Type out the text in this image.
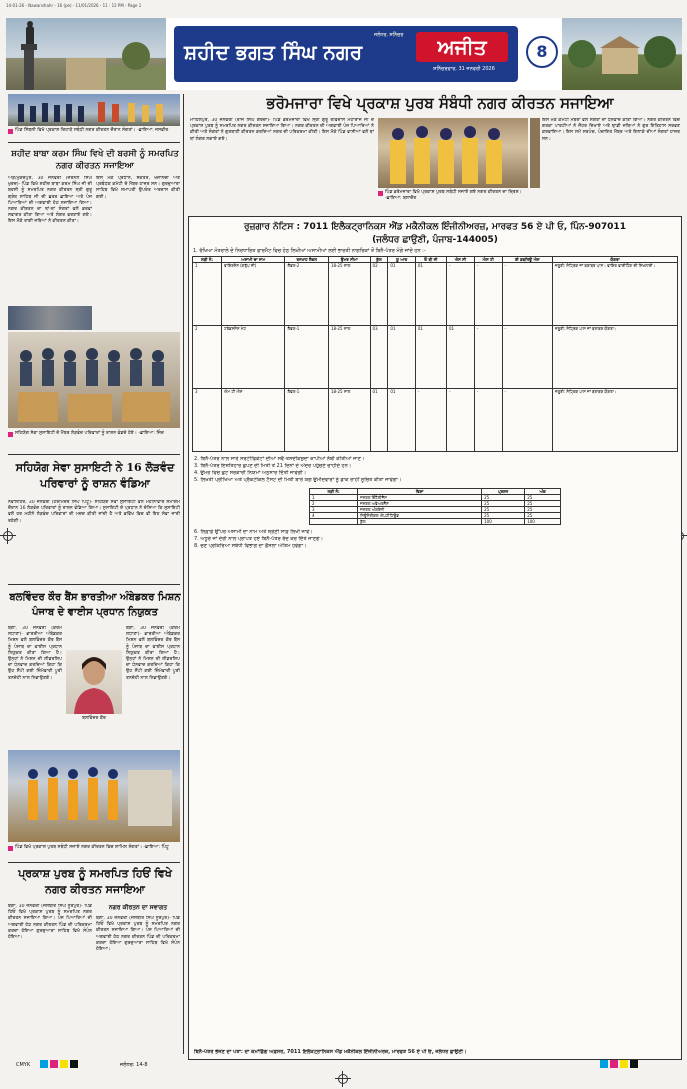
14-01-26 - Nawanshahr - 16 (pe) - 11/01/2026 - 11 : 12 PM - Page 1
ਸ਼ਹੀਦ ਭਗਤ ਸਿੰਘ ਨਗਰ	ਅਜੀਤ
ਜਲੰਧਰ, ਸ਼ਨਿੱਚਰ
ਸ਼ਨਿੱਚਰਵਾਰ, 31 ਜਨਵਰੀ 2026
8
ਪਿੰਡ ਸਿੰਬਲੀ ਵਿਖੇ ਪ੍ਰਕਾਸ਼ ਦਿਹਾੜੇ ਸਬੰਧੀ ਨਗਰ ਕੀਰਤਨ ਦੌਰਾਨ ਸੰਗਤਾਂ। -ਛਾਇਆ: ਜਸਵੀਰ
ਸ਼ਹੀਦ ਬਾਬਾ ਕਰਮ ਸਿੰਘ ਵਿਖੇ ਦੀ ਬਰਸੀ ਨੂੰ ਸਮਰਪਿਤ ਨਗਰ ਕੀਰਤਨ ਸਜਾਇਆ
ਔੜ/ਮੁਕੰਦਪੁਰ, 30 ਜਨਵਰੀ (ਜਰਨੈਲ ਸਿੰਘ ਖੁਰਦ)- ਪਿੰਡ ਵਿਖੇ ਸ਼ਹੀਦ ਬਾਬਾ ਕਰਮ ਸਿੰਘ ਜੀ ਦੀ ਬਰਸੀ ਨੂੰ ਸਮਰਪਿਤ ਨਗਰ ਕੀਰਤਨ ਸ੍ਰੀ ਗੁਰੂ ਗ੍ਰੰਥ ਸਾਹਿਬ ਜੀ ਦੀ ਛਤਰ ਛਾਇਆ ਅਤੇ ਪੰਜ ਪਿਆਰਿਆਂ ਦੀ ਅਗਵਾਈ ਹੇਠ ਸਜਾਇਆ ਗਿਆ। ਨਗਰ ਕੀਰਤਨ ਦਾ ਥਾਂ-ਥਾਂ ਸੰਗਤਾਂ ਵਲੋਂ ਭਰਵਾਂ ਸਵਾਗਤ ਕੀਤਾ ਗਿਆ ਅਤੇ ਲੰਗਰ ਵਰਤਾਏ ਗਏ। ਇਸ ਮੌਕੇ ਰਾਗੀ ਜਥਿਆਂ ਨੇ ਕੀਰਤਨ ਕੀਤਾ।
ਇਸ ਮੌਕੇ ਪ੍ਰਧਾਨ, ਸਕੱਤਰ, ਖਜ਼ਾਨਚੀ ਅਤੇ ਪ੍ਰਬੰਧਕ ਕਮੇਟੀ ਦੇ ਮੈਂਬਰ ਹਾਜ਼ਰ ਸਨ। ਗੁਰਦੁਆਰਾ ਸਾਹਿਬ ਵਿਖੇ ਸਮਾਪਤੀ ਉਪਰੰਤ ਅਰਦਾਸ ਕੀਤੀ ਗਈ।
ਸਹਿਯੋਗ ਸੇਵਾ ਸੁਸਾਇਟੀ ਦੇ ਮੈਂਬਰ ਲੋੜਵੰਦ ਪਰਿਵਾਰਾਂ ਨੂੰ ਰਾਸ਼ਨ ਵੰਡਦੇ ਹੋਏ। -ਛਾਇਆ: ਜਿੰਦ
ਸਹਿਯੋਗ ਸੇਵਾ ਸੁਸਾਇਟੀ ਨੇ 16 ਲੋੜਵੰਦ ਪਰਿਵਾਰਾਂ ਨੂੰ ਰਾਸ਼ਨ ਵੰਡਿਆ
ਨਵਾਂਸ਼ਹਿਰ, 30 ਜਨਵਰੀ (ਹਰਮਿੰਦਰ ਸਿੰਘ ਪਿੰਟੂ)- ਸਹਿਯੋਗ ਸੇਵਾ ਸੁਸਾਇਟੀ ਵਲੋਂ ਮਹੀਨਾਵਾਰ ਸਮਾਗਮ ਦੌਰਾਨ 16 ਲੋੜਵੰਦ ਪਰਿਵਾਰਾਂ ਨੂੰ ਰਾਸ਼ਨ ਵੰਡਿਆ ਗਿਆ। ਸੁਸਾਇਟੀ ਦੇ ਪ੍ਰਧਾਨ ਨੇ ਦੱਸਿਆ ਕਿ ਸੁਸਾਇਟੀ ਵਲੋਂ ਹਰ ਮਹੀਨੇ ਲੋੜਵੰਦ ਪਰਿਵਾਰਾਂ ਦੀ ਮਦਦ ਕੀਤੀ ਜਾਂਦੀ ਹੈ ਅਤੇ ਭਵਿੱਖ ਵਿਚ ਵੀ ਇਹ ਸੇਵਾ ਜਾਰੀ ਰਹੇਗੀ।
ਬਲਵਿੰਦਰ ਕੌਰ ਬੈਂਸ ਭਾਰਤੀਆ ਅੰਬੇਡਕਰ ਮਿਸ਼ਨ ਪੰਜਾਬ ਦੇ ਵਾਈਸ ਪ੍ਰਧਾਨ ਨਿਯੁਕਤ
ਬੰਗਾ, 30 ਜਨਵਰੀ (ਕਰਮ ਲਧਾਣਾ)- ਭਾਰਤੀਆ ਅੰਬੇਡਕਰ ਮਿਸ਼ਨ ਵਲੋਂ ਬਲਵਿੰਦਰ ਕੌਰ ਬੈਂਸ ਨੂੰ ਪੰਜਾਬ ਦਾ ਵਾਈਸ ਪ੍ਰਧਾਨ ਨਿਯੁਕਤ ਕੀਤਾ ਗਿਆ ਹੈ। ਉਨ੍ਹਾਂ ਨੇ ਮਿਸ਼ਨ ਦੀ ਲੀਡਰਸ਼ਿਪ ਦਾ ਧੰਨਵਾਦ ਕਰਦਿਆਂ ਕਿਹਾ ਕਿ ਉਹ ਸੌਂਪੀ ਗਈ ਜ਼ਿੰਮੇਵਾਰੀ ਪੂਰੀ ਤਨਦੇਹੀ ਨਾਲ ਨਿਭਾਉਣਗੇ।
ਬਲਵਿੰਦਰ ਕੌਰ
ਬੰਗਾ, 30 ਜਨਵਰੀ (ਕਰਮ ਲਧਾਣਾ)- ਭਾਰਤੀਆ ਅੰਬੇਡਕਰ ਮਿਸ਼ਨ ਵਲੋਂ ਬਲਵਿੰਦਰ ਕੌਰ ਬੈਂਸ ਨੂੰ ਪੰਜਾਬ ਦਾ ਵਾਈਸ ਪ੍ਰਧਾਨ ਨਿਯੁਕਤ ਕੀਤਾ ਗਿਆ ਹੈ। ਉਨ੍ਹਾਂ ਨੇ ਮਿਸ਼ਨ ਦੀ ਲੀਡਰਸ਼ਿਪ ਦਾ ਧੰਨਵਾਦ ਕਰਦਿਆਂ ਕਿਹਾ ਕਿ ਉਹ ਸੌਂਪੀ ਗਈ ਜ਼ਿੰਮੇਵਾਰੀ ਪੂਰੀ ਤਨਦੇਹੀ ਨਾਲ ਨਿਭਾਉਣਗੇ।
ਪਿੰਡ ਵਿਖੇ ਪ੍ਰਕਾਸ਼ ਪੁਰਬ ਸਬੰਧੀ ਸਜਾਏ ਨਗਰ ਕੀਰਤਨ ਵਿਚ ਸ਼ਾਮਿਲ ਸੰਗਤਾਂ। -ਛਾਇਆ: ਪਿੰਟੂ
ਪ੍ਰਕਾਸ਼ ਪੁਰਬ ਨੂੰ ਸਮਰਪਿਤ ਹਿਓਂ ਵਿਖੇ ਨਗਰ ਕੀਰਤਨ ਸਜਾਇਆ
ਬੰਗਾ, 30 ਜਨਵਰੀ (ਜਸਬੀਰ ਸਿੰਘ ਨੂਰਪੁਰ)- ਪਿੰਡ ਹਿਓਂ ਵਿਖੇ ਪ੍ਰਕਾਸ਼ ਪੁਰਬ ਨੂੰ ਸਮਰਪਿਤ ਨਗਰ ਕੀਰਤਨ ਸਜਾਇਆ ਗਿਆ। ਪੰਜ ਪਿਆਰਿਆਂ ਦੀ ਅਗਵਾਈ ਹੇਠ ਨਗਰ ਕੀਰਤਨ ਪਿੰਡ ਦੀ ਪਰਿਕਰਮਾ ਕਰਦਾ ਹੋਇਆ ਗੁਰਦੁਆਰਾ ਸਾਹਿਬ ਵਿਖੇ ਸੰਪੰਨ ਹੋਇਆ।
ਨਗਰ ਕੀਰਤਨ ਦਾ ਸਵਾਗਤ
ਬੰਗਾ, 30 ਜਨਵਰੀ (ਜਸਬੀਰ ਸਿੰਘ ਨੂਰਪੁਰ)- ਪਿੰਡ ਹਿਓਂ ਵਿਖੇ ਪ੍ਰਕਾਸ਼ ਪੁਰਬ ਨੂੰ ਸਮਰਪਿਤ ਨਗਰ ਕੀਰਤਨ ਸਜਾਇਆ ਗਿਆ। ਪੰਜ ਪਿਆਰਿਆਂ ਦੀ ਅਗਵਾਈ ਹੇਠ ਨਗਰ ਕੀਰਤਨ ਪਿੰਡ ਦੀ ਪਰਿਕਰਮਾ ਕਰਦਾ ਹੋਇਆ ਗੁਰਦੁਆਰਾ ਸਾਹਿਬ ਵਿਖੇ ਸੰਪੰਨ ਹੋਇਆ।
ਭਰੋਮਜਾਰਾ ਵਿਖੇ ਪ੍ਰਕਾਸ਼ ਪੁਰਬ ਸੰਬੰਧੀ ਨਗਰ ਕੀਰਤਨ ਸਜਾਇਆ
ਮਾਹਿਲਪੁਰ, 30 ਜਨਵਰੀ (ਰਾਜ ਸਿੰਘ ਗਰਚਾ)- ਪਿੰਡ ਭਰੋਮਜਾਰਾ ਵਿਖੇ ਸ੍ਰੀ ਗੁਰੂ ਰਵਿਦਾਸ ਮਹਾਰਾਜ ਜੀ ਦੇ ਪ੍ਰਕਾਸ਼ ਪੁਰਬ ਨੂੰ ਸਮਰਪਿਤ ਨਗਰ ਕੀਰਤਨ ਸਜਾਇਆ ਗਿਆ। ਨਗਰ ਕੀਰਤਨ ਦੀ ਅਗਵਾਈ ਪੰਜ ਪਿਆਰਿਆਂ ਨੇ ਕੀਤੀ ਅਤੇ ਸੰਗਤਾਂ ਨੇ ਗੁਰਬਾਣੀ ਕੀਰਤਨ ਕਰਦਿਆਂ ਨਗਰ ਦੀ ਪਰਿਕਰਮਾ ਕੀਤੀ। ਇਸ ਮੌਕੇ ਪਿੰਡ ਵਾਸੀਆਂ ਵਲੋਂ ਥਾਂ ਥਾਂ ਲੰਗਰ ਲਗਾਏ ਗਏ।
ਇਸ ਮੌਕੇ ਕਮੇਟੀ ਮੈਂਬਰਾਂ ਵਲੋਂ ਸੰਗਤਾਂ ਦਾ ਧੰਨਵਾਦ ਕੀਤਾ ਗਿਆ। ਨਗਰ ਕੀਰਤਨ ਵਿਚ ਗਤਕਾ ਪਾਰਟੀਆਂ ਨੇ ਜੌਹਰ ਦਿਖਾਏ ਅਤੇ ਢਾਡੀ ਜਥਿਆਂ ਨੇ ਗੁਰ ਇਤਿਹਾਸ ਸਰਵਣ ਕਰਵਾਇਆ। ਇਸ ਸਮੇਂ ਸਰਪੰਚ, ਪੰਚਾਇਤ ਮੈਂਬਰ ਅਤੇ ਇਲਾਕੇ ਦੀਆਂ ਸੰਗਤਾਂ ਹਾਜ਼ਰ ਸਨ।
ਪਿੰਡ ਭਰੋਮਜਾਰਾ ਵਿਖੇ ਪ੍ਰਕਾਸ਼ ਪੁਰਬ ਸਬੰਧੀ ਸਜਾਏ ਗਏ ਨਗਰ ਕੀਰਤਨ ਦਾ ਦ੍ਰਿਸ਼। -ਛਾਇਆ: ਬਲਾਚੌਰ
ਰੁਜ਼ਗਾਰ ਨੋਟਿਸ : 7011 ਇਲੈਕਟ੍ਰਾਨਿਕਸ ਐਂਡ ਮਕੈਨੀਕਲ ਇੰਜੀਨੀਅਰਜ਼, ਮਾਰਫਤ 56 ਏ ਪੀ ਓ, ਪਿੰਨ-907011
(ਜਲੰਧਰ ਛਾਉਣੀ, ਪੰਜਾਬ-144005)
1. ਰੱਖਿਆ ਮੰਤਰਾਲੇ ਦੇ ਨਿਰਧਾਰਿਤ ਫਾਰਮੈਟ ਵਿਚ ਹੇਠ ਲਿਖੀਆਂ ਅਸਾਮੀਆਂ ਲਈ ਭਾਰਤੀ ਨਾਗਰਿਕਾਂ ਤੋਂ ਬਿਨੈ-ਪੱਤਰ ਮੰਗੇ ਜਾਂਦੇ ਹਨ :-
ਲੜੀ ਨੰ:	ਅਸਾਮੀ ਦਾ ਨਾਮ	ਤਨਖਾਹ ਲੈਵਲ	ਉਮਰ ਸੀਮਾ	ਕੁੱਲ	ਯੂ ਆਰ	ਓ ਬੀ ਸੀ	ਐਸ ਸੀ	ਐਸ ਟੀ	ਈ ਡਬਲਿਊ ਐਸ	ਯੋਗਤਾ
1	ਫਾਇਰਮੈਨ (ਗਰੁੱਪ ਸੀ)	ਲੈਵਲ-2	18-25 ਸਾਲ	02	01	01	-	-	-	ਜ਼ਰੂਰੀ: ਮੈਟ੍ਰਿਕ ਜਾਂ ਬਰਾਬਰ ਪਾਸ। ਫਾਇਰ ਫਾਈਟਿੰਗ ਦੀ ਸਿਖਲਾਈ।
2	ਟਰੇਡਸਮੈਨ ਮੇਟ	ਲੈਵਲ-1	18-25 ਸਾਲ	03	01	01	01	-	-	ਜ਼ਰੂਰੀ: ਮੈਟ੍ਰਿਕ ਪਾਸ ਜਾਂ ਬਰਾਬਰ ਯੋਗਤਾ।
3	ਐਮ ਟੀ ਐਸ	ਲੈਵਲ-1	18-25 ਸਾਲ	01	01	-	-	-	-	ਜ਼ਰੂਰੀ: ਮੈਟ੍ਰਿਕ ਪਾਸ ਜਾਂ ਬਰਾਬਰ ਯੋਗਤਾ।
2. ਬਿਨੈ-ਪੱਤਰ ਨਾਲ ਸਾਰੇ ਸਰਟੀਫਿਕੇਟਾਂ ਦੀਆਂ ਸਵੈ-ਤਸਦੀਕਸ਼ੁਦਾ ਕਾਪੀਆਂ ਨੱਥੀ ਕੀਤੀਆਂ ਜਾਣ।
3. ਬਿਨੈ-ਪੱਤਰ ਇਸ਼ਤਿਹਾਰ ਛਪਣ ਦੀ ਮਿਤੀ ਤੋਂ 21 ਦਿਨਾਂ ਦੇ ਅੰਦਰ ਪਹੁੰਚਣੇ ਚਾਹੀਦੇ ਹਨ।
4. ਉਮਰ ਵਿਚ ਛੋਟ ਸਰਕਾਰੀ ਨਿਯਮਾਂ ਅਨੁਸਾਰ ਦਿੱਤੀ ਜਾਵੇਗੀ।
5. ਲਿਖਤੀ ਪ੍ਰੀਖਿਆ ਅਤੇ ਪ੍ਰੈਕਟੀਕਲ ਟੈਸਟ ਦੀ ਮਿਤੀ ਬਾਰੇ ਯੋਗ ਉਮੀਦਵਾਰਾਂ ਨੂੰ ਡਾਕ ਰਾਹੀਂ ਸੂਚਿਤ ਕੀਤਾ ਜਾਵੇਗਾ।
ਲੜੀ ਨੰ:	ਵਿਸ਼ਾ	ਪ੍ਰਸ਼ਨ	ਅੰਕ
1	ਜਨਰਲ ਇੰਟੈਲੀਜੈਂਸ	25	25
2	ਜਨਰਲ ਅਵੇਅਰਨੈੱਸ	25	25
3	ਜਨਰਲ ਅੰਗਰੇਜ਼ੀ	25	25
4	ਨਿਊਮੈਰੀਕਲ ਐਪਟੀਟਿਊਡ	25	25
	ਕੁੱਲ	100	100
6. ਲਿਫ਼ਾਫ਼ੇ ਉੱਪਰ ਅਸਾਮੀ ਦਾ ਨਾਮ ਅਤੇ ਸ਼੍ਰੇਣੀ ਸਾਫ਼ ਲਿਖੀ ਜਾਵੇ।
7. ਅਧੂਰੇ ਜਾਂ ਦੇਰੀ ਨਾਲ ਪ੍ਰਾਪਤ ਹੋਏ ਬਿਨੈ-ਪੱਤਰ ਰੱਦ ਕਰ ਦਿੱਤੇ ਜਾਣਗੇ।
8. ਚੋਣ ਪ੍ਰਕਿਰਿਆ ਸਬੰਧੀ ਵਿਭਾਗ ਦਾ ਫ਼ੈਸਲਾ ਅੰਤਿਮ ਹੋਵੇਗਾ।
ਬਿਨੈ-ਪੱਤਰ ਭੇਜਣ ਦਾ ਪਤਾ: ਦਾ ਕਮਾਂਡਿੰਗ ਅਫ਼ਸਰ, 7011 ਇਲੈਕਟ੍ਰਾਨਿਕਸ ਐਂਡ ਮਕੈਨੀਕਲ ਇੰਜੀਨੀਅਰਜ਼, ਮਾਰਫਤ 56 ਏ ਪੀ ਓ, ਜਲੰਧਰ ਛਾਉਣੀ।
CMYK	ਜਲੰਧਰ: 14-8
